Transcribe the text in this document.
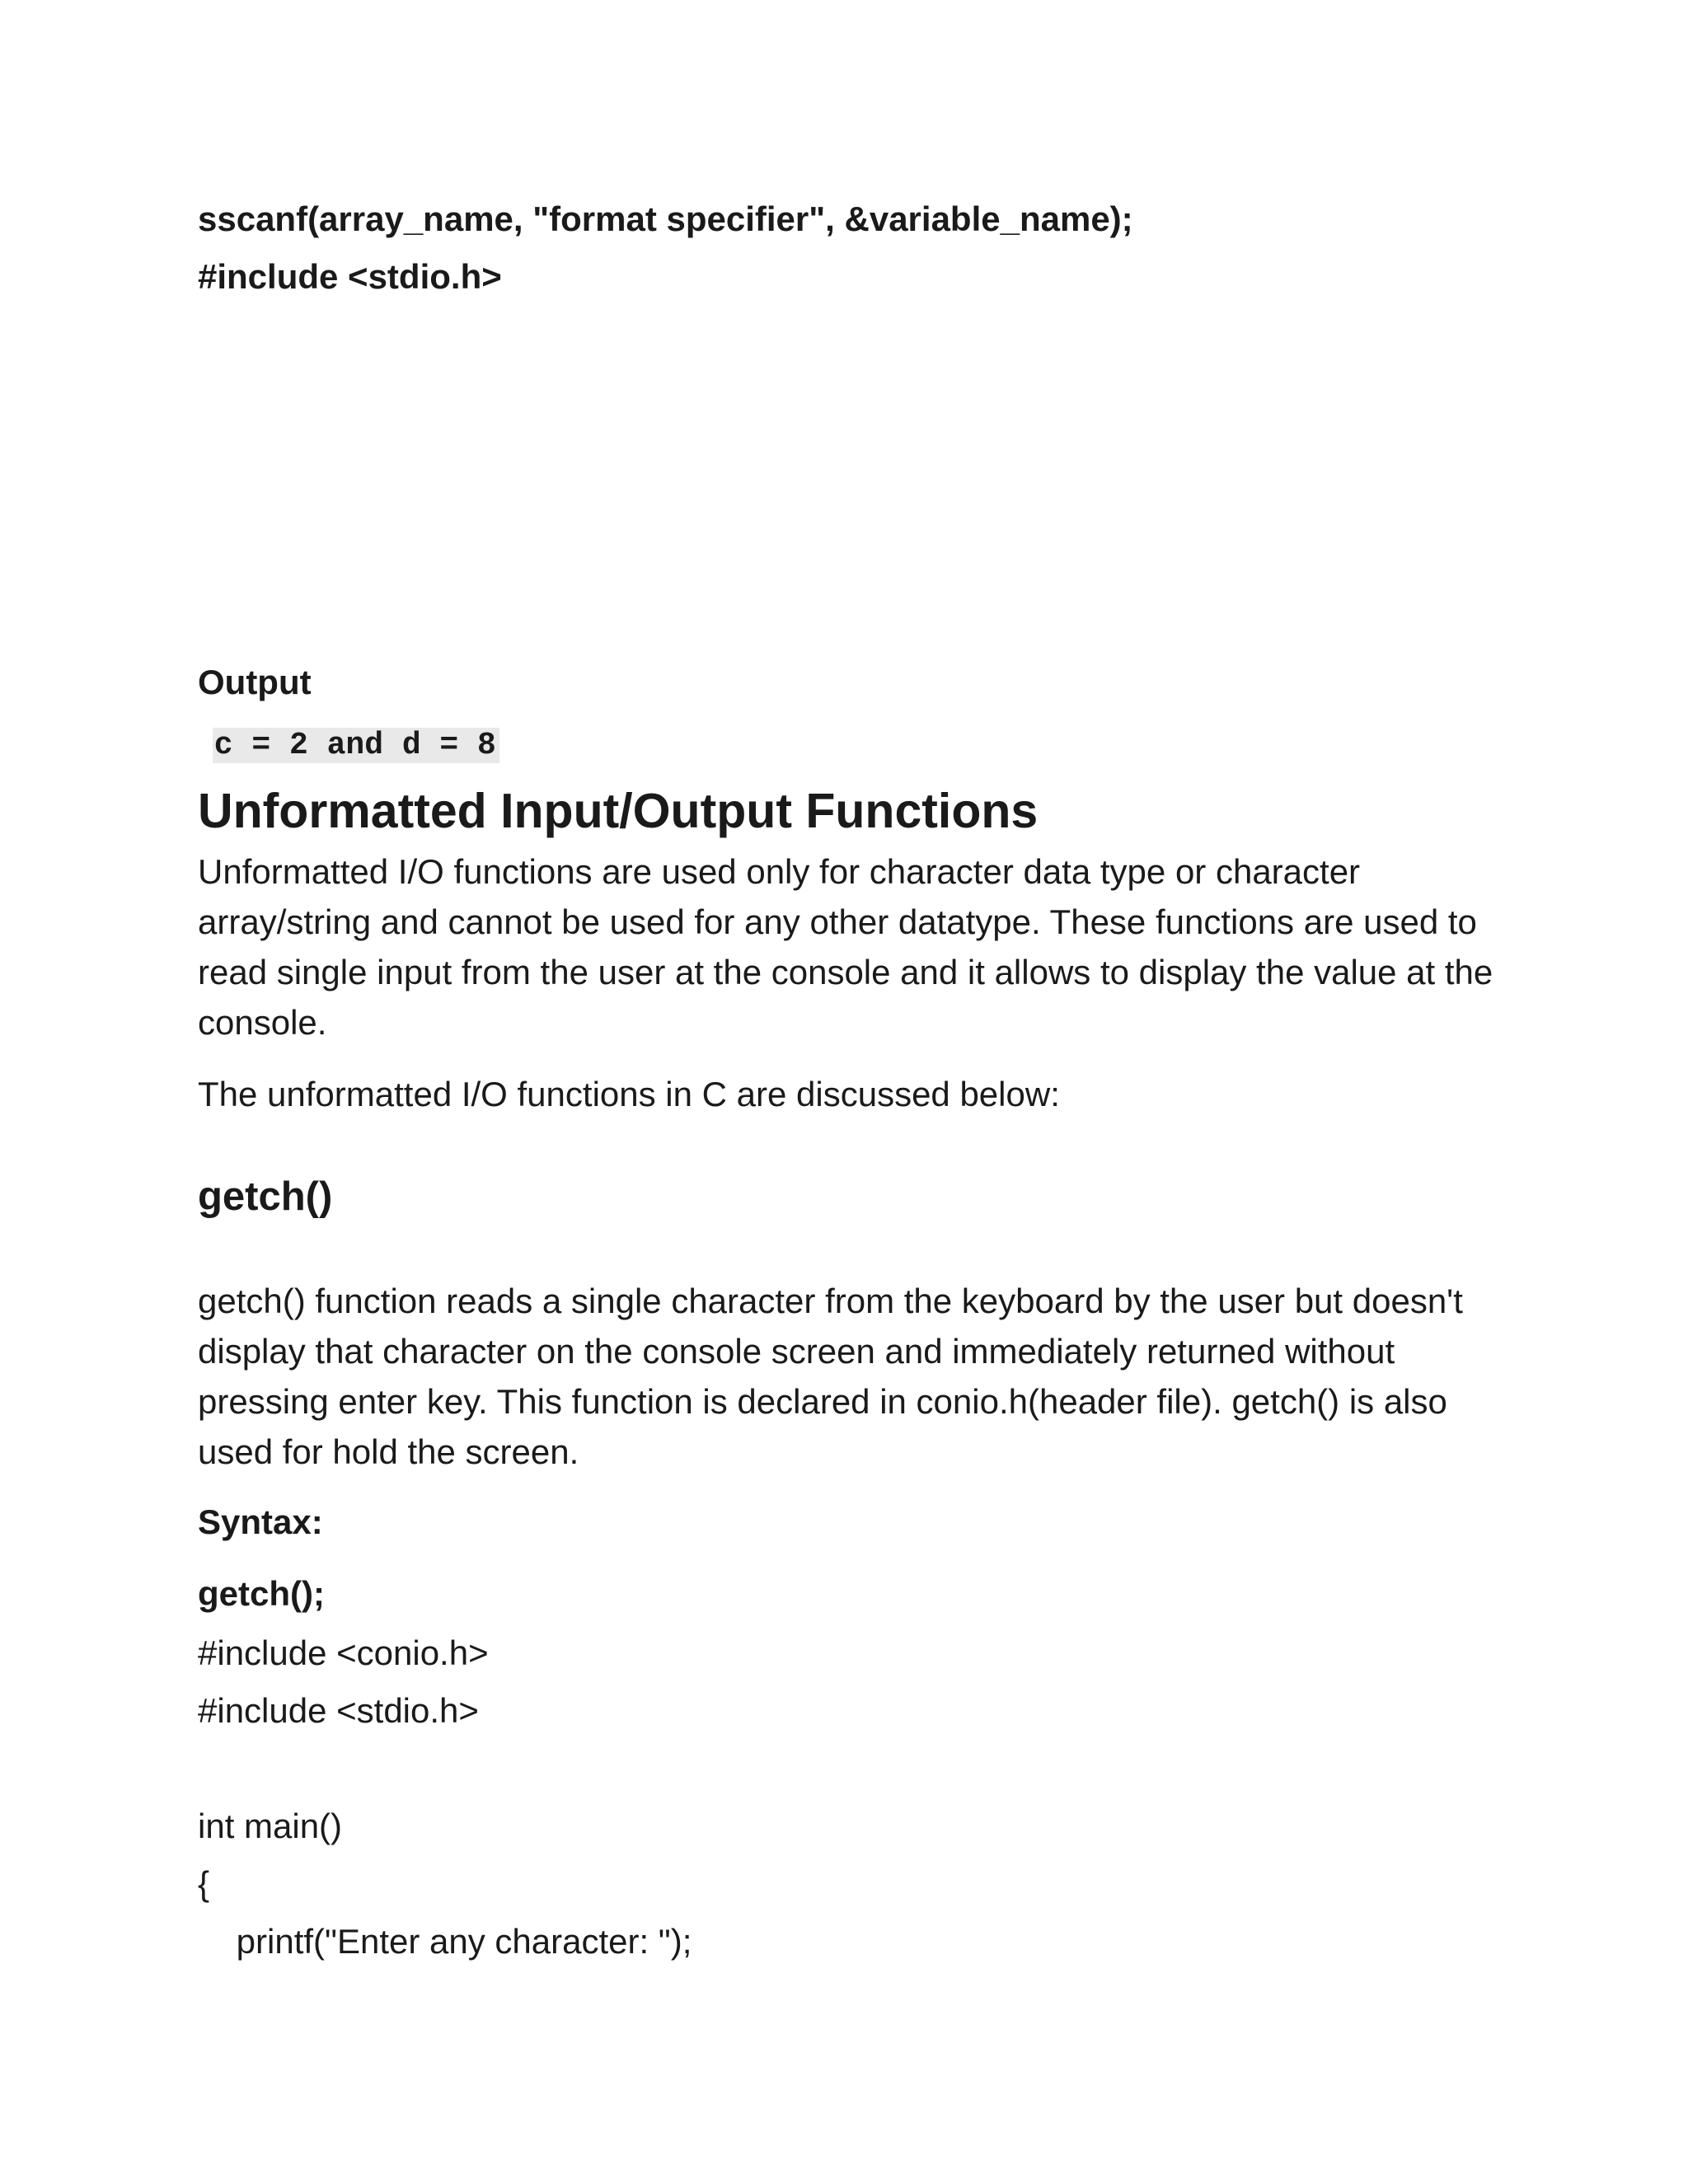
sscanf(array_name, "format specifier", &variable_name);
#include <stdio.h>
Output

c = 2 and d = 8

Unformatted Input/Output Functions

Unformatted I/O functions are used only for character data type or character array/string and cannot be used for any other datatype. These functions are used to read single input from the user at the console and it allows to display the value at the console.

The unformatted I/O functions in C are discussed below:

getch()

getch() function reads a single character from the keyboard by the user but doesn't display that character on the console screen and immediately returned without pressing enter key. This function is declared in conio.h(header file). getch() is also used for hold the screen.

Syntax:
getch();
#include <conio.h>
#include <stdio.h>
int main()
{
printf("Enter any character: ");
